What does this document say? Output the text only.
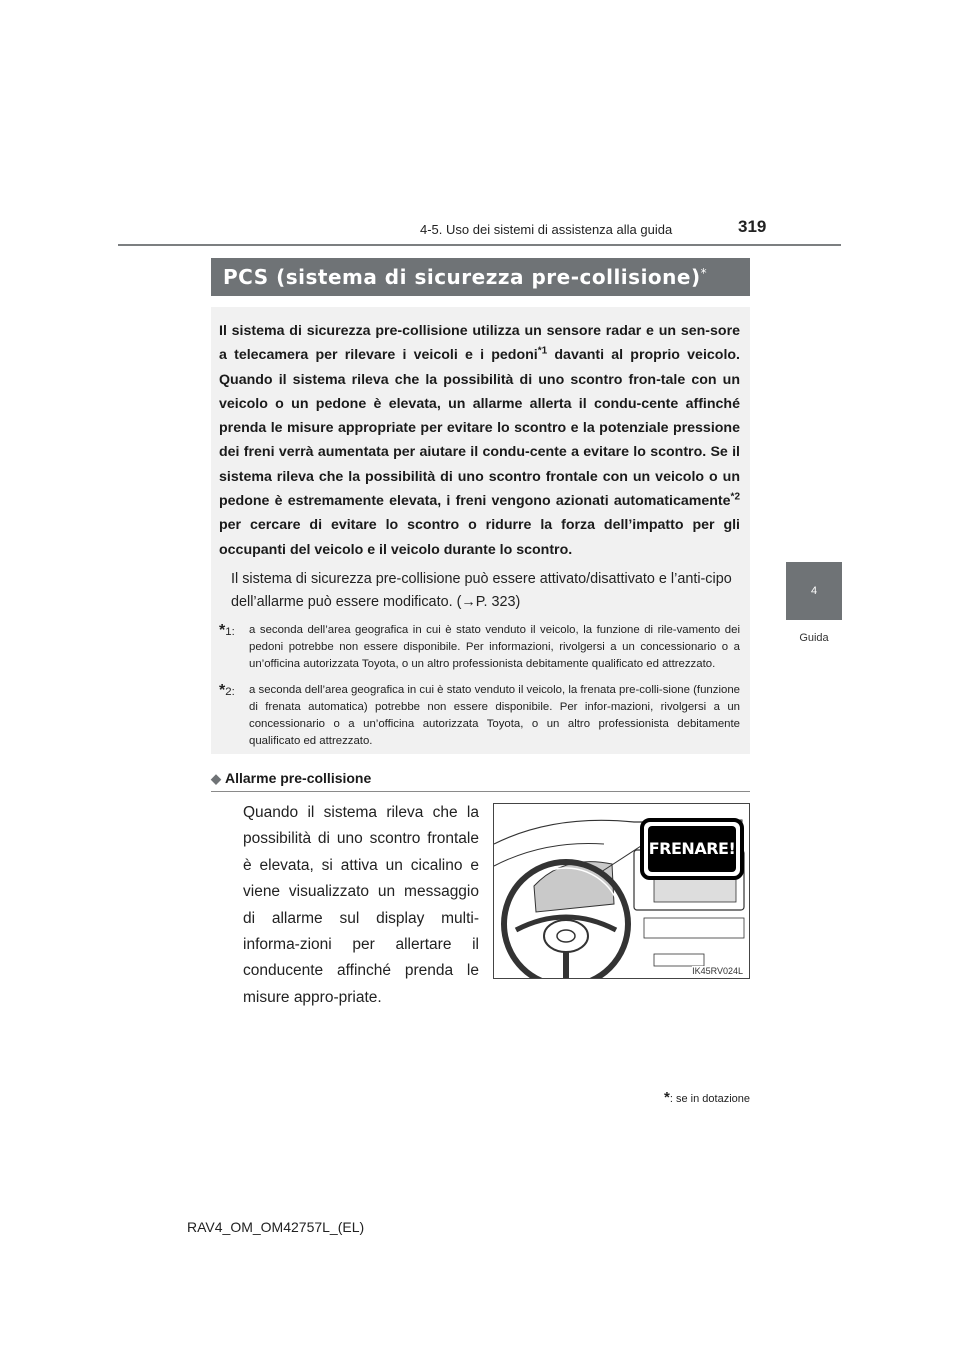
4-5. Uso dei sistemi di assistenza alla guida	319
4
Guida
PCS (sistema di sicurezza pre-collisione)*

Il sistema di sicurezza pre-collisione utilizza un sensore radar e un sen-sore a telecamera per rilevare i veicoli e i pedoni$^{*1}$ davanti al proprio veicolo. Quando il sistema rileva che la possibilità di uno scontro fron-tale con un veicolo o un pedone è elevata, un allarme allerta il condu-cente affinché prenda le misure appropriate per evitare lo scontro e la potenziale pressione dei freni verrà aumentata per aiutare il condu-cente a evitare lo scontro. Se il sistema rileva che la possibilità di uno scontro frontale con un veicolo o un pedone è estremamente elevata, i freni vengono azionati automaticamente$^{*2}$ per cercare di evitare lo scontro o ridurre la forza dell’impatto per gli occupanti del veicolo e il veicolo durante lo scontro.

Il sistema di sicurezza pre-collisione può essere attivato/disattivato e l’anti-cipo dell’allarme può essere modificato. (→P. 323)

*1: a seconda dell’area geografica in cui è stato venduto il veicolo, la funzione di rile-vamento dei pedoni potrebbe non essere disponibile. Per informazioni, rivolgersi a un concessionario o a un’officina autorizzata Toyota, o un altro professionista debitamente qualificato ed attrezzato.

*2: a seconda dell’area geografica in cui è stato venduto il veicolo, la frenata pre-colli-sione (funzione di frenata automatica) potrebbe non essere disponibile. Per infor-mazioni, rivolgersi a un concessionario o a un’officina autorizzata Toyota, o un altro professionista debitamente qualificato ed attrezzato.

◆ Allarme pre-collisione
Quando il sistema rileva che la possibilità di uno scontro frontale è elevata, si attiva un cicalino e viene visualizzato un messaggio di allarme sul display multi-informa-zioni per allertare il conducente affinché prenda le misure appro-priate.
FRENARE!
IK45RV024L
*: se in dotazione
RAV4_OM_OM42757L_(EL)
